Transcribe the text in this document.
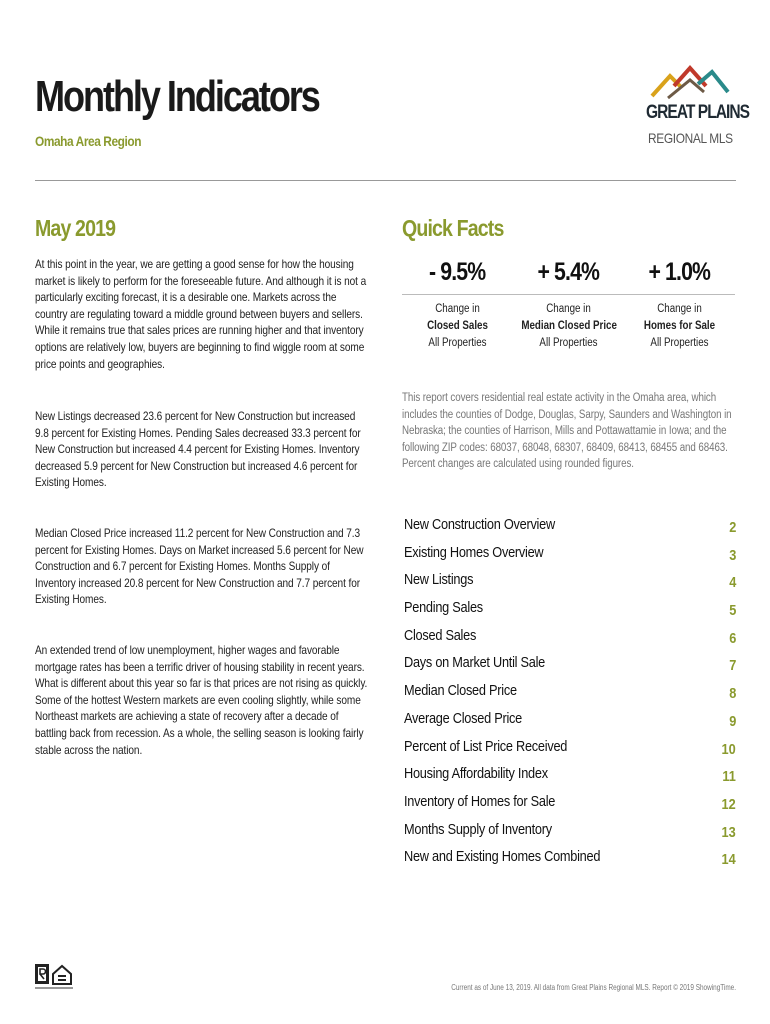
Monthly Indicators
Omaha Area Region
GREAT PLAINS
REGIONAL MLS
May 2019

At this point in the year, we are getting a good sense for how the housing market is likely to perform for the foreseeable future. And although it is not a particularly exciting forecast, it is a desirable one. Markets across the country are regulating toward a middle ground between buyers and sellers. While it remains true that sales prices are running higher and that inventory options are relatively low, buyers are beginning to find wiggle room at some price points and geographies.

New Listings decreased 23.6 percent for New Construction but increased 9.8 percent for Existing Homes. Pending Sales decreased 33.3 percent for New Construction but increased 4.4 percent for Existing Homes. Inventory decreased 5.9 percent for New Construction but increased 4.6 percent for Existing Homes.

Median Closed Price increased 11.2 percent for New Construction and 7.3 percent for Existing Homes. Days on Market increased 5.6 percent for New Construction and 6.7 percent for Existing Homes. Months Supply of Inventory increased 20.8 percent for New Construction and 7.7 percent for Existing Homes.

An extended trend of low unemployment, higher wages and favorable mortgage rates has been a terrific driver of housing stability in recent years. What is different about this year so far is that prices are not rising as quickly. Some of the hottest Western markets are even cooling slightly, while some Northeast markets are achieving a state of recovery after a decade of battling back from recession. As a whole, the selling season is looking fairly stable across the nation.

Quick Facts
- 9.5%
Change in
Closed Sales
All Properties
+ 5.4%
Change in
Median Closed Price
All Properties
+ 1.0%
Change in
Homes for Sale
All Properties

This report covers residential real estate activity in the Omaha area, which includes the counties of Dodge, Douglas, Sarpy, Saunders and Washington in Nebraska; the counties of Harrison, Mills and Pottawattamie in Iowa; and the following ZIP codes: 68037, 68048, 68307, 68409, 68413, 68455 and 68463. Percent changes are calculated using rounded figures.

New Construction Overview	2
Existing Homes Overview	3
New Listings	4
Pending Sales	5
Closed Sales	6
Days on Market Until Sale	7
Median Closed Price	8
Average Closed Price	9
Percent of List Price Received	10
Housing Affordability Index	11
Inventory of Homes for Sale	12
Months Supply of Inventory	13
New and Existing Homes Combined	14
Current as of June 13, 2019. All data from Great Plains Regional MLS. Report © 2019 ShowingTime.
